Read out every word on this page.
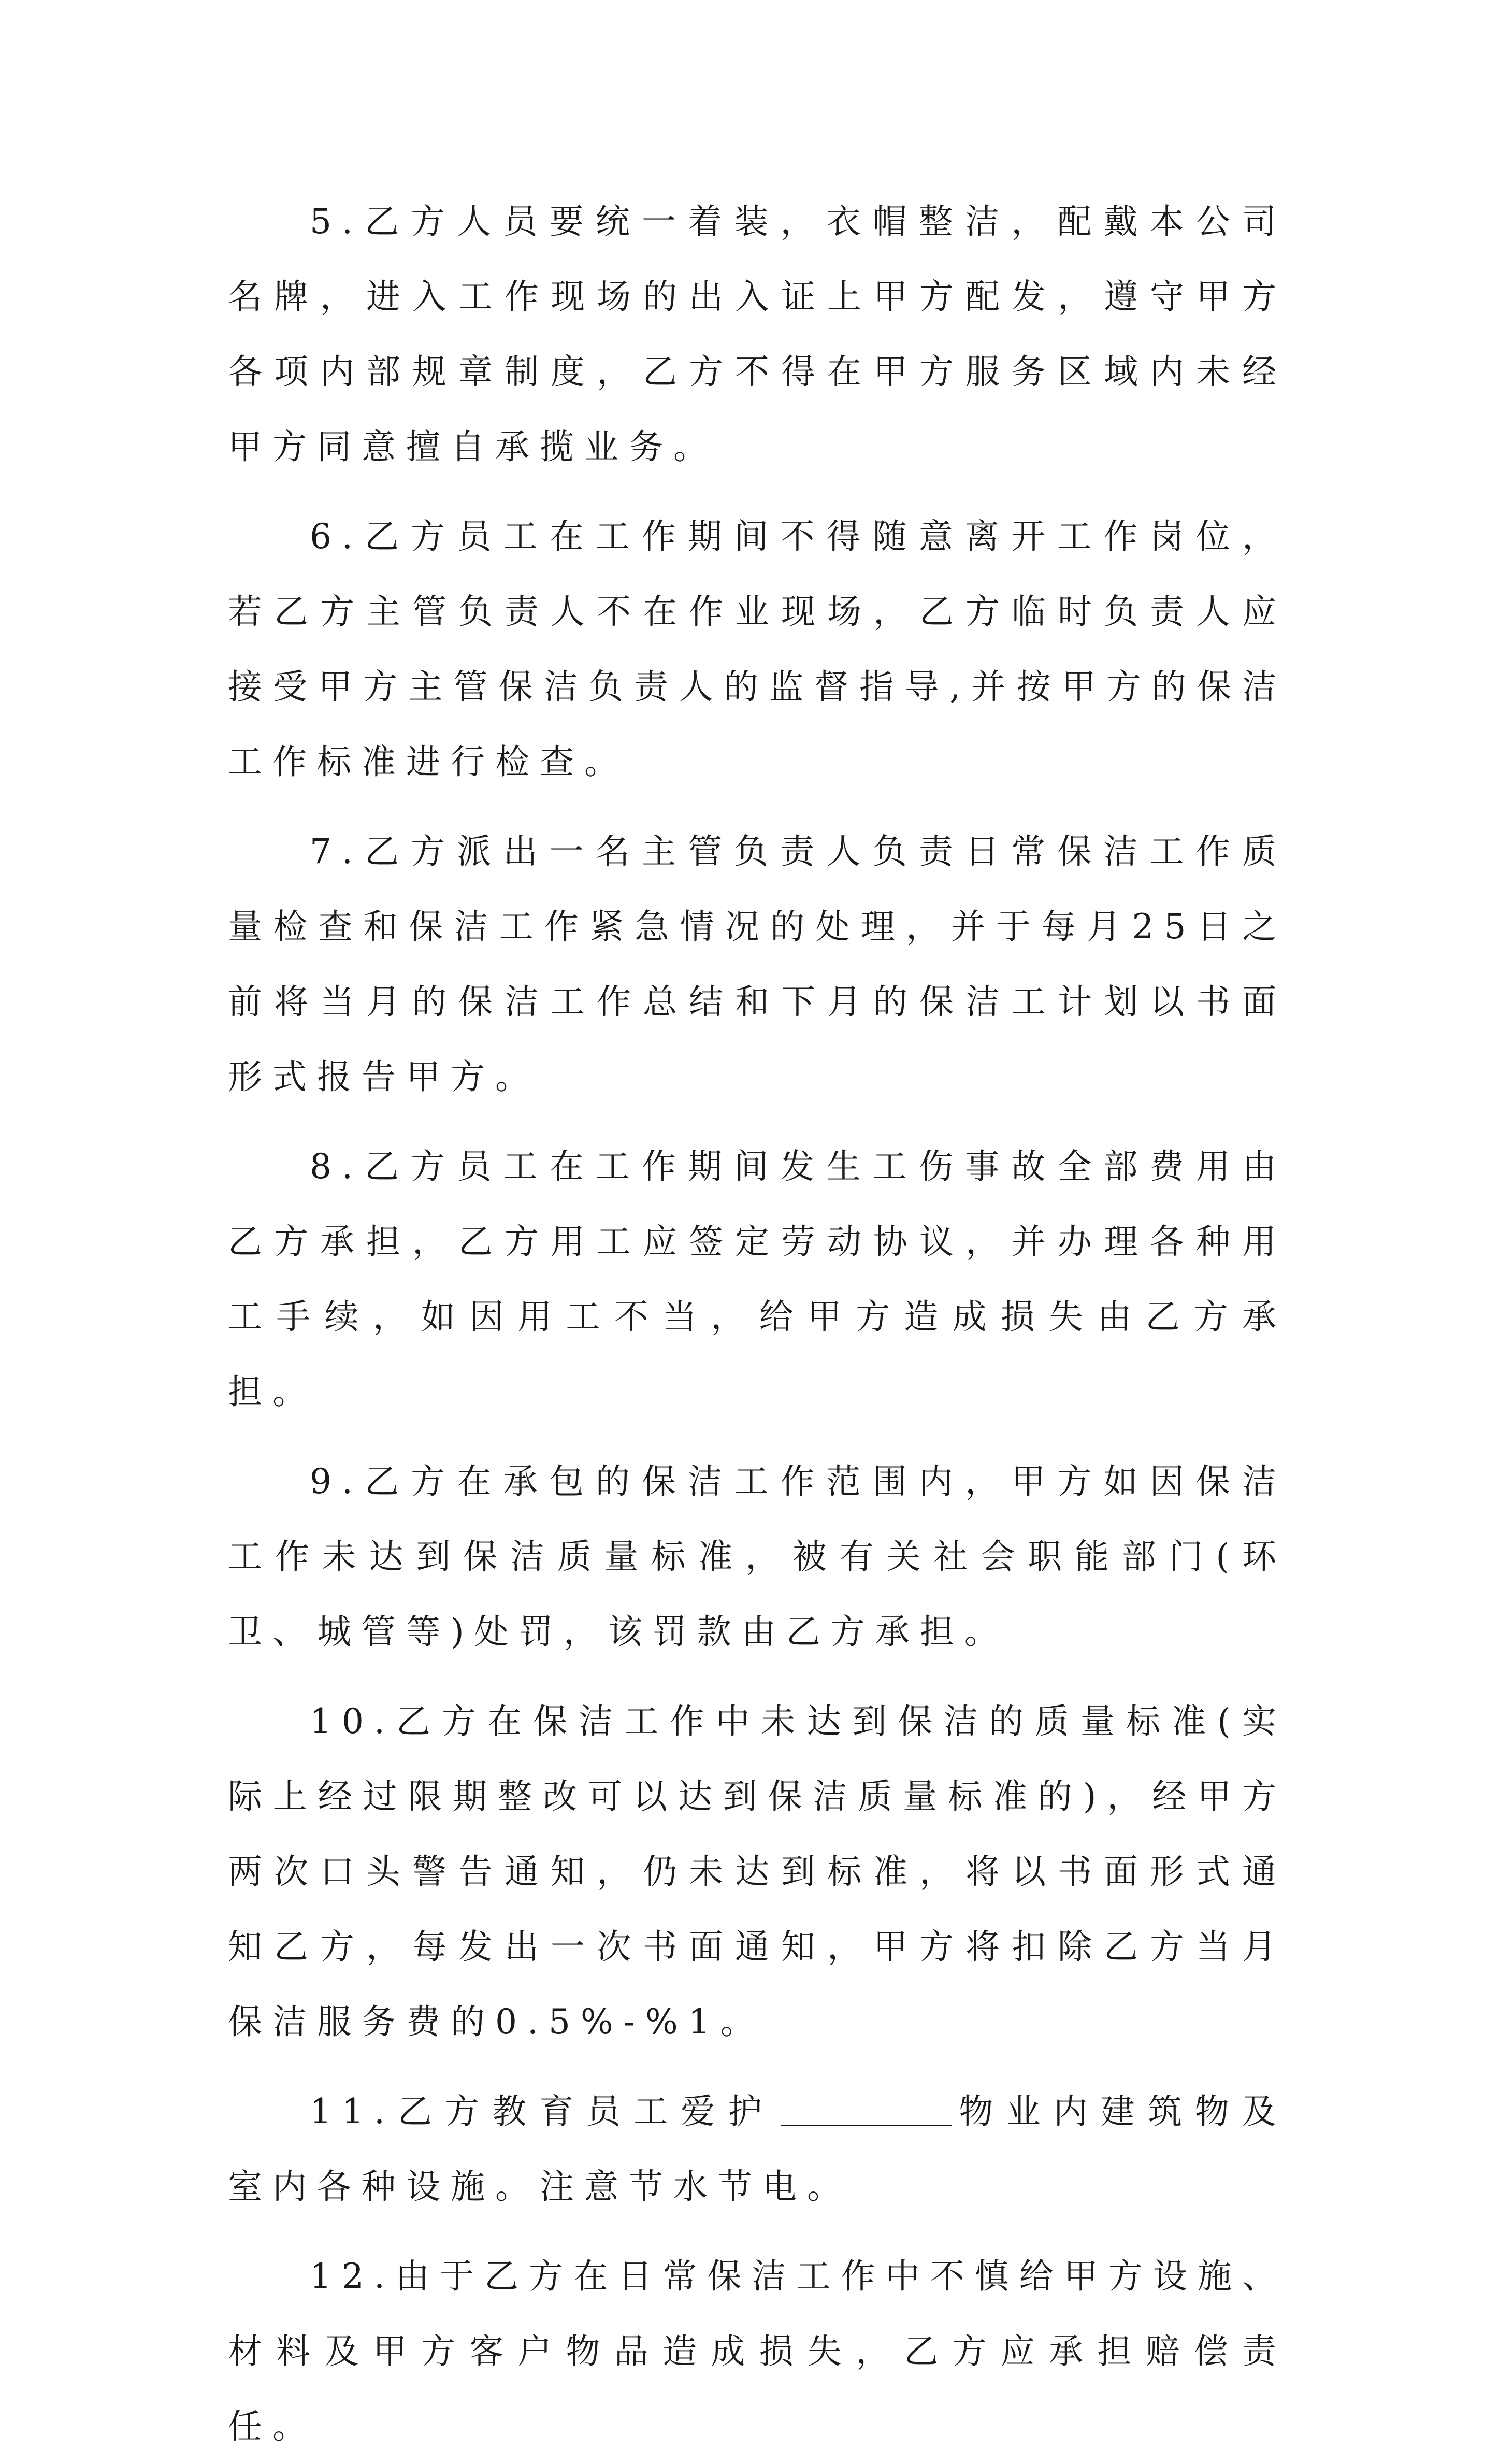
5.乙方人员要统一着装，衣帽整洁，配戴本公司名牌，进入工作现场的出入证上甲方配发，遵守甲方各项内部规章制度，乙方不得在甲方服务区域内未经甲方同意擅自承揽业务。
6.乙方员工在工作期间不得随意离开工作岗位，若乙方主管负责人不在作业现场，乙方临时负责人应接受甲方主管保洁负责人的监督指导,并按甲方的保洁工作标准进行检查。
7.乙方派出一名主管负责人负责日常保洁工作质量检查和保洁工作紧急情况的处理，并于每月25日之前将当月的保洁工作总结和下月的保洁工计划以书面形式报告甲方。
8.乙方员工在工作期间发生工伤事故全部费用由乙方承担，乙方用工应签定劳动协议，并办理各种用工手续，如因用工不当，给甲方造成损失由乙方承担。
9.乙方在承包的保洁工作范围内，甲方如因保洁工作未达到保洁质量标准，被有关社会职能部门(环卫、城管等)处罚，该罚款由乙方承担。
10.乙方在保洁工作中未达到保洁的质量标准(实际上经过限期整改可以达到保洁质量标准的)，经甲方两次口头警告通知，仍未达到标准，将以书面形式通知乙方，每发出一次书面通知，甲方将扣除乙方当月保洁服务费的0.5%-%1。
11.乙方教育员工爱护	物业内建筑物及室内各种设施。注意节水节电。
12.由于乙方在日常保洁工作中不慎给甲方设施、材料及甲方客户物品造成损失，乙方应承担赔偿责任。
